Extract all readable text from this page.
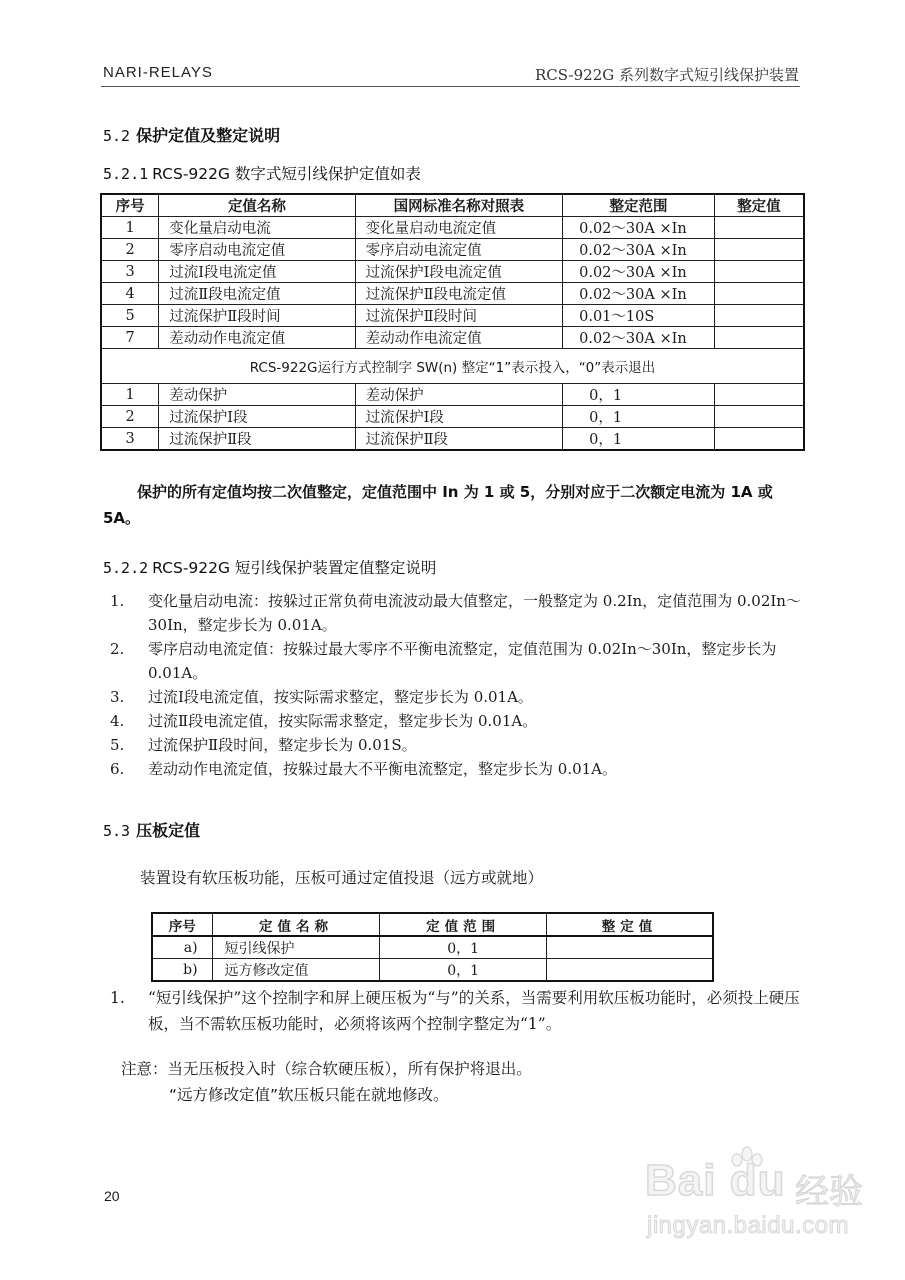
NARI-RELAYS	RCS-922G 系列数字式短引线保护装置
5.2 保护定值及整定说明
5.2.1 RCS-922G 数字式短引线保护定值如表
序号	定值名称	国网标准名称对照表	整定范围	整定值
1	变化量启动电流	变化量启动电流定值	0.02～30A ×In	
2	零序启动电流定值	零序启动电流定值	0.02～30A ×In	
3	过流Ⅰ段电流定值	过流保护Ⅰ段电流定值	0.02～30A ×In	
4	过流Ⅱ段电流定值	过流保护Ⅱ段电流定值	0.02～30A ×In	
5	过流保护Ⅱ段时间	过流保护Ⅱ段时间	0.01～10S	
7	差动动作电流定值	差动动作电流定值	0.02～30A ×In	
RCS-922G运行方式控制字 SW(n) 整定“1”表示投入，“0”表示退出				
1	差动保护	差动保护	0，1	
2	过流保护Ⅰ段	过流保护Ⅰ段	0，1	
3	过流保护Ⅱ段	过流保护Ⅱ段	0，1	
保护的所有定值均按二次值整定，定值范围中 In 为 1 或 5，分别对应于二次额定电流为 1A 或 5A。
5.2.2 RCS-922G 短引线保护装置定值整定说明
1.	变化量启动电流：按躲过正常负荷电流波动最大值整定，一般整定为 0.2In，定值范围为 0.02In～30In，整定步长为 0.01A。
2.	零序启动电流定值：按躲过最大零序不平衡电流整定，定值范围为 0.02In～30In，整定步长为 0.01A。
3.	过流Ⅰ段电流定值，按实际需求整定，整定步长为 0.01A。
4.	过流Ⅱ段电流定值，按实际需求整定，整定步长为 0.01A。
5.	过流保护Ⅱ段时间，整定步长为 0.01S。
6.	差动动作电流定值，按躲过最大不平衡电流整定，整定步长为 0.01A。
5.3 压板定值
装置设有软压板功能，压板可通过定值投退（远方或就地）
序号	定值名称	定值范围	整定值
a)	短引线保护	0，1	
b)	远方修改定值	0，1	
1.	“短引线保护”这个控制字和屏上硬压板为“与”的关系，当需要利用软压板功能时，必须投上硬压板，当不需软压板功能时，必须将该两个控制字整定为“1”。
注意：当无压板投入时（综合软硬压板），所有保护将退出。
“远方修改定值”软压板只能在就地修改。
20	Bai du 经验
jingyan.baidu.com
